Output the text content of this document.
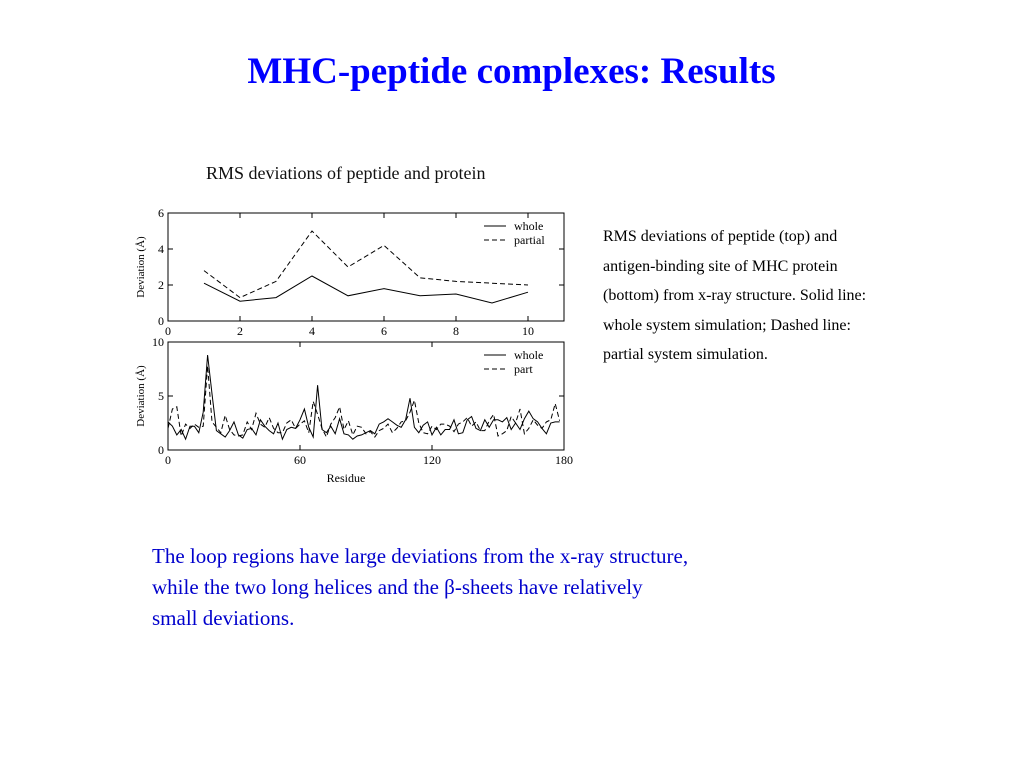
MHC-peptide complexes: Results
RMS deviations of peptide and protein
0	2	4	6	8	10
0
2
4
6
Deviation (Å)
whole
partial
0	60	120	180
0
5
10
Deviation (Å)
Residue
whole
part
RMS deviations of peptide (top) and
antigen-binding site of MHC protein
(bottom) from x-ray structure. Solid line:
whole system simulation; Dashed line:
partial system simulation.
The loop regions have large deviations from the x-ray structure,
while the two long helices and the β-sheets have relatively
small deviations.
